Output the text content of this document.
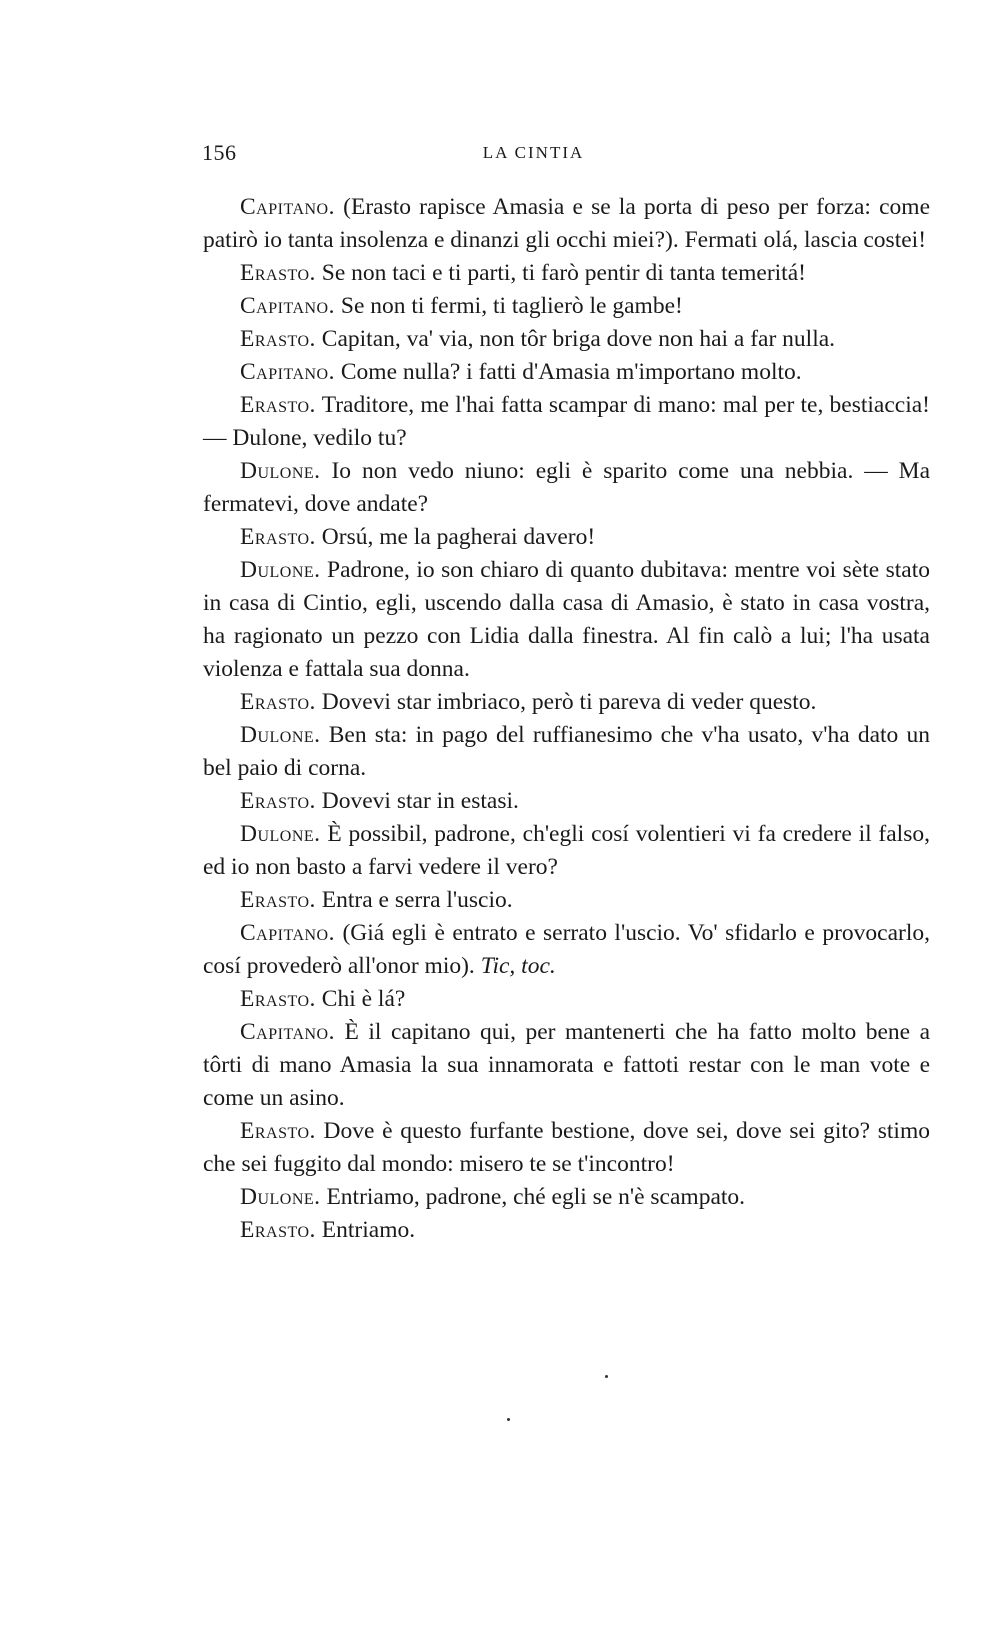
156	LA CINTIA

Capitano. (Erasto rapisce Amasia e se la porta di peso per forza: come patirò io tanta insolenza e dinanzi gli occhi miei?). Fermati olá, lascia costei!

Erasto. Se non taci e ti parti, ti farò pentir di tanta temeritá!

Capitano. Se non ti fermi, ti taglierò le gambe!

Erasto. Capitan, va' via, non tôr briga dove non hai a far nulla.

Capitano. Come nulla? i fatti d'Amasia m'importano molto.

Erasto. Traditore, me l'hai fatta scampar di mano: mal per te, bestiaccia! — Dulone, vedilo tu?

Dulone. Io non vedo niuno: egli è sparito come una nebbia. — Ma fermatevi, dove andate?

Erasto. Orsú, me la pagherai davero!

Dulone. Padrone, io son chiaro di quanto dubitava: mentre voi sète stato in casa di Cintio, egli, uscendo dalla casa di Amasio, è stato in casa vostra, ha ragionato un pezzo con Lidia dalla finestra. Al fin calò a lui; l'ha usata violenza e fattala sua donna.

Erasto. Dovevi star imbriaco, però ti pareva di veder questo.

Dulone. Ben sta: in pago del ruffianesimo che v'ha usato, v'ha dato un bel paio di corna.

Erasto. Dovevi star in estasi.

Dulone. È possibil, padrone, ch'egli cosí volentieri vi fa credere il falso, ed io non basto a farvi vedere il vero?

Erasto. Entra e serra l'uscio.

Capitano. (Giá egli è entrato e serrato l'uscio. Vo' sfidarlo e provocarlo, cosí provederò all'onor mio). Tic, toc.

Erasto. Chi è lá?

Capitano. È il capitano qui, per mantenerti che ha fatto molto bene a tôrti di mano Amasia la sua innamorata e fattoti restar con le man vote e come un asino.

Erasto. Dove è questo furfante bestione, dove sei, dove sei gito? stimo che sei fuggito dal mondo: misero te se t'incontro!

Dulone. Entriamo, padrone, ché egli se n'è scampato.

Erasto. Entriamo.
